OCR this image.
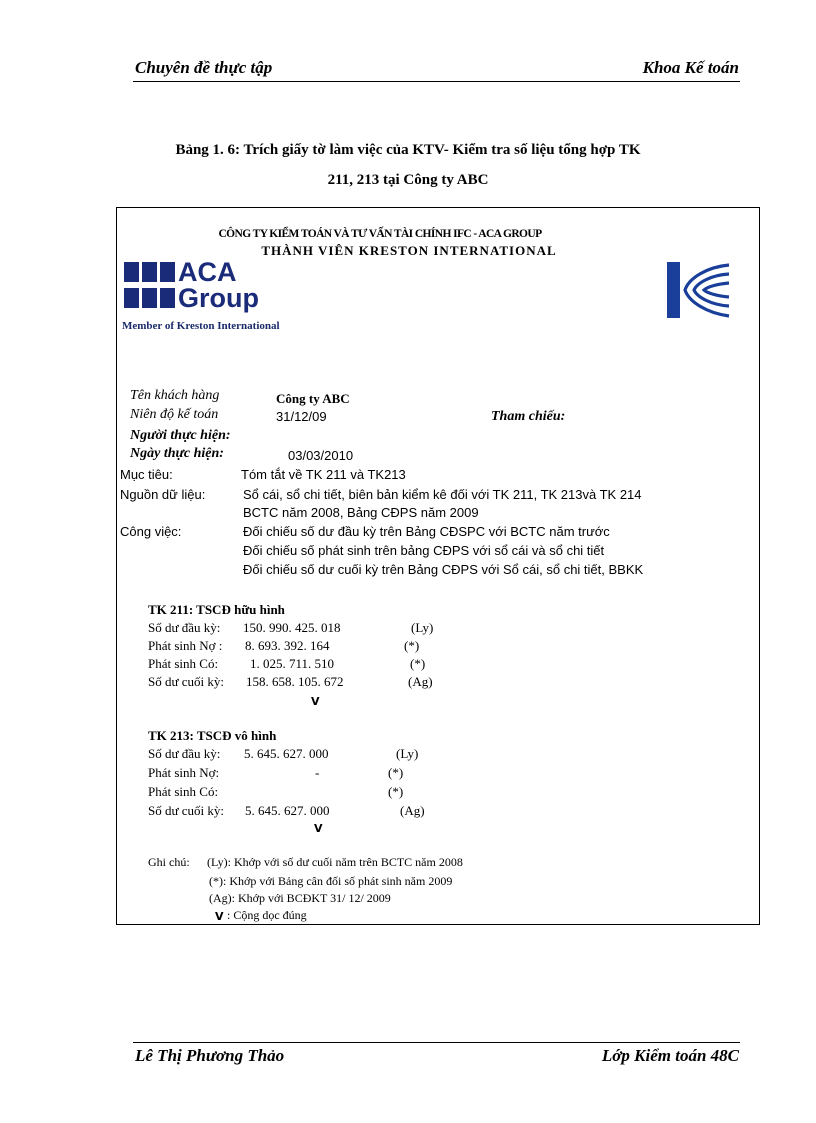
Chuyên đề thực tập	Khoa Kế toán
Bảng 1. 6: Trích giấy tờ làm việc của KTV- Kiểm tra số liệu tổng hợp TK
211, 213 tại Công ty ABC
CÔNG TY KIỂM TOÁN VÀ TƯ VẤN TÀI CHÍNH IFC - ACA GROUP
THÀNH VIÊN KRESTON INTERNATIONAL
ACA
Group
Member of Kreston International
Tên khách hàng	Công ty ABC
Niên độ kế toán	31/12/09	Tham chiếu:
Người thực hiện:
Ngày thực hiện:	03/03/2010
Mục tiêu:	Tóm tắt về TK 211 và TK213
Nguồn dữ liệu:	Sổ cái, sổ chi tiết, biên bản kiểm kê đối với TK 211, TK 213và TK 214
BCTC năm 2008, Bảng CĐPS năm 2009
Công việc:	Đối chiếu số dư đầu kỳ trên Bảng CĐSPC với BCTC năm trước
Đối chiếu số phát sinh trên bảng CĐPS với sổ cái và sổ chi tiết
Đối chiếu số dư cuối kỳ trên Bảng CĐPS với Sổ cái, sổ chi tiết, BBKK
TK 211: TSCĐ hữu hình
Số dư đầu kỳ: 150. 990. 425. 018	(Ly)
Phát sinh Nợ : 8. 693. 392. 164	(*)
Phát sinh Có: 1. 025. 711. 510	(*)
Số dư cuối kỳ: 158. 658. 105. 672	(Ag)
V
TK 213: TSCĐ vô hình
Số dư đầu kỳ: 5. 645. 627. 000	(Ly)
Phát sinh Nợ:	-	(*)
Phát sinh Có:	(*)
Số dư cuối kỳ: 5. 645. 627. 000	(Ag)
V
Ghi chú: (Ly): Khớp với số dư cuối năm trên BCTC năm 2008
(*): Khớp với Bảng cân đối số phát sinh năm 2009
(Ag): Khớp với BCĐKT 31/ 12/ 2009
V : Cộng dọc đúng
Lê Thị Phương Thảo	Lớp Kiểm toán 48C
